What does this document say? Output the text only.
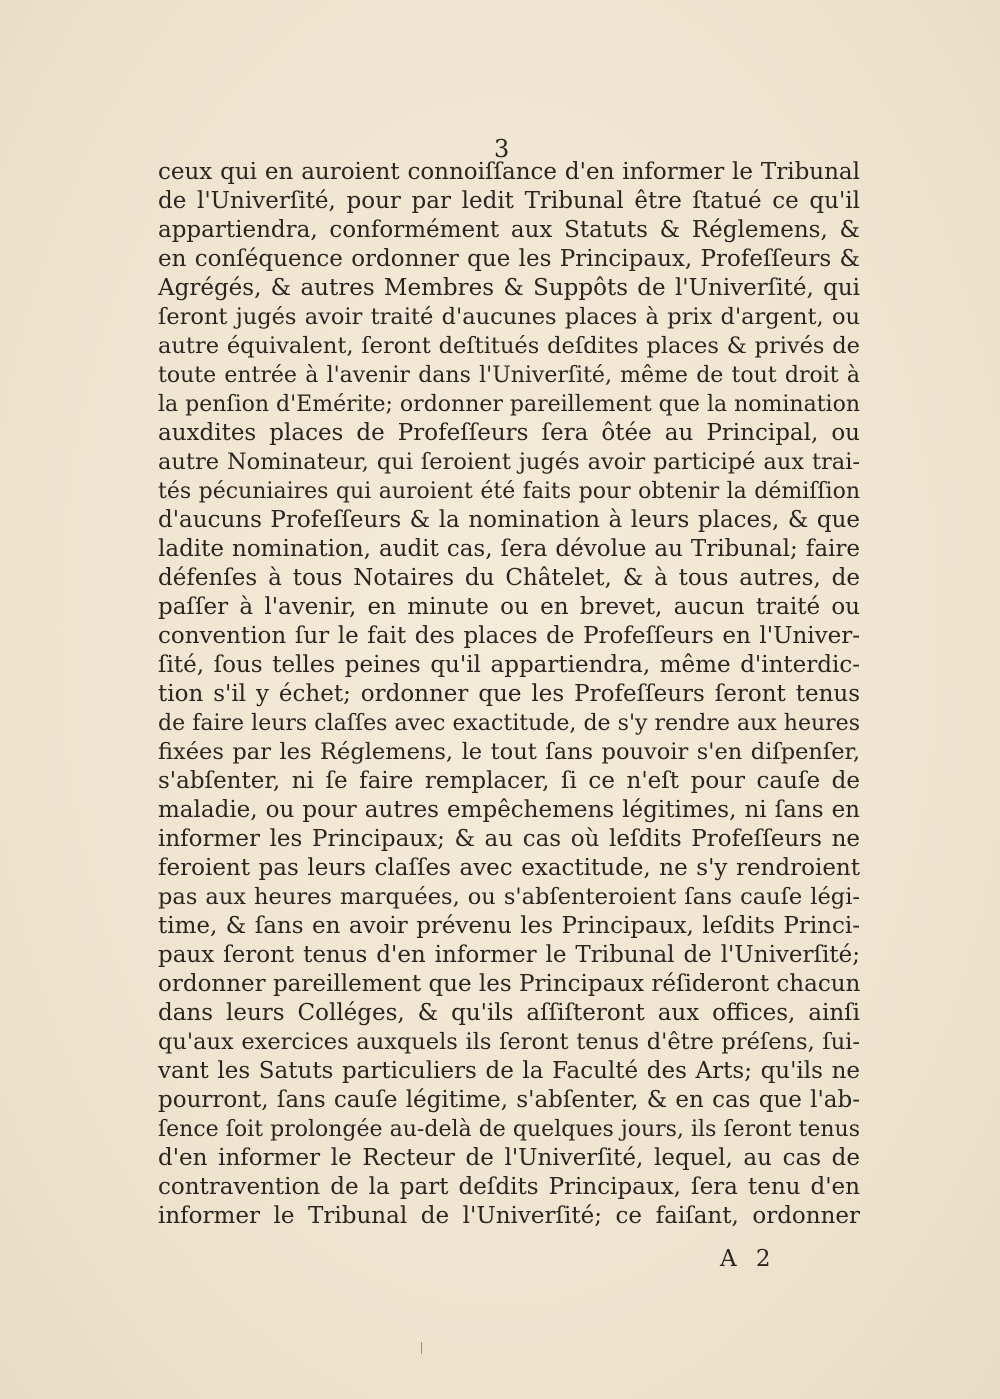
3
ceux qui en auroient connoiſſance d'en informer le Tribunal
de l'Univerſité, pour par ledit Tribunal être ſtatué ce qu'il
appartiendra, conformément aux Statuts & Réglemens, &
en conſéquence ordonner que les Principaux, Profeſſeurs &
Agrégés, & autres Membres & Suppôts de l'Univerſité, qui
ſeront jugés avoir traité d'aucunes places à prix d'argent, ou
autre équivalent, ſeront deſtitués deſdites places & privés de
toute entrée à l'avenir dans l'Univerſité, même de tout droit à
la penſion d'Emérite; ordonner pareillement que la nomination
auxdites places de Profeſſeurs ſera ôtée au Principal, ou
autre Nominateur, qui ſeroient jugés avoir participé aux trai-
tés pécuniaires qui auroient été faits pour obtenir la démiſſion
d'aucuns Profeſſeurs & la nomination à leurs places, & que
ladite nomination, audit cas, ſera dévolue au Tribunal; faire
défenſes à tous Notaires du Châtelet, & à tous autres, de
paſſer à l'avenir, en minute ou en brevet, aucun traité ou
convention ſur le fait des places de Profeſſeurs en l'Univer-
ſité, ſous telles peines qu'il appartiendra, même d'interdic-
tion s'il y échet; ordonner que les Profeſſeurs ſeront tenus
de faire leurs claſſes avec exactitude, de s'y rendre aux heures
fixées par les Réglemens, le tout ſans pouvoir s'en diſpenſer,
s'abſenter, ni ſe faire remplacer, ſi ce n'eſt pour cauſe de
maladie, ou pour autres empêchemens légitimes, ni ſans en
informer les Principaux; & au cas où leſdits Profeſſeurs ne
feroient pas leurs claſſes avec exactitude, ne s'y rendroient
pas aux heures marquées, ou s'abſenteroient ſans cauſe légi-
time, & ſans en avoir prévenu les Principaux, leſdits Princi-
paux ſeront tenus d'en informer le Tribunal de l'Univerſité;
ordonner pareillement que les Principaux réſideront chacun
dans leurs Colléges, & qu'ils aſſiſteront aux offices, ainſi
qu'aux exercices auxquels ils ſeront tenus d'être préſens, ſui-
vant les Satuts particuliers de la Faculté des Arts; qu'ils ne
pourront, ſans cauſe légitime, s'abſenter, & en cas que l'ab-
ſence ſoit prolongée au-delà de quelques jours, ils ſeront tenus
d'en informer le Recteur de l'Univerſité, lequel, au cas de
contravention de la part deſdits Principaux, ſera tenu d'en
informer le Tribunal de l'Univerſité; ce faiſant, ordonner
A 2
